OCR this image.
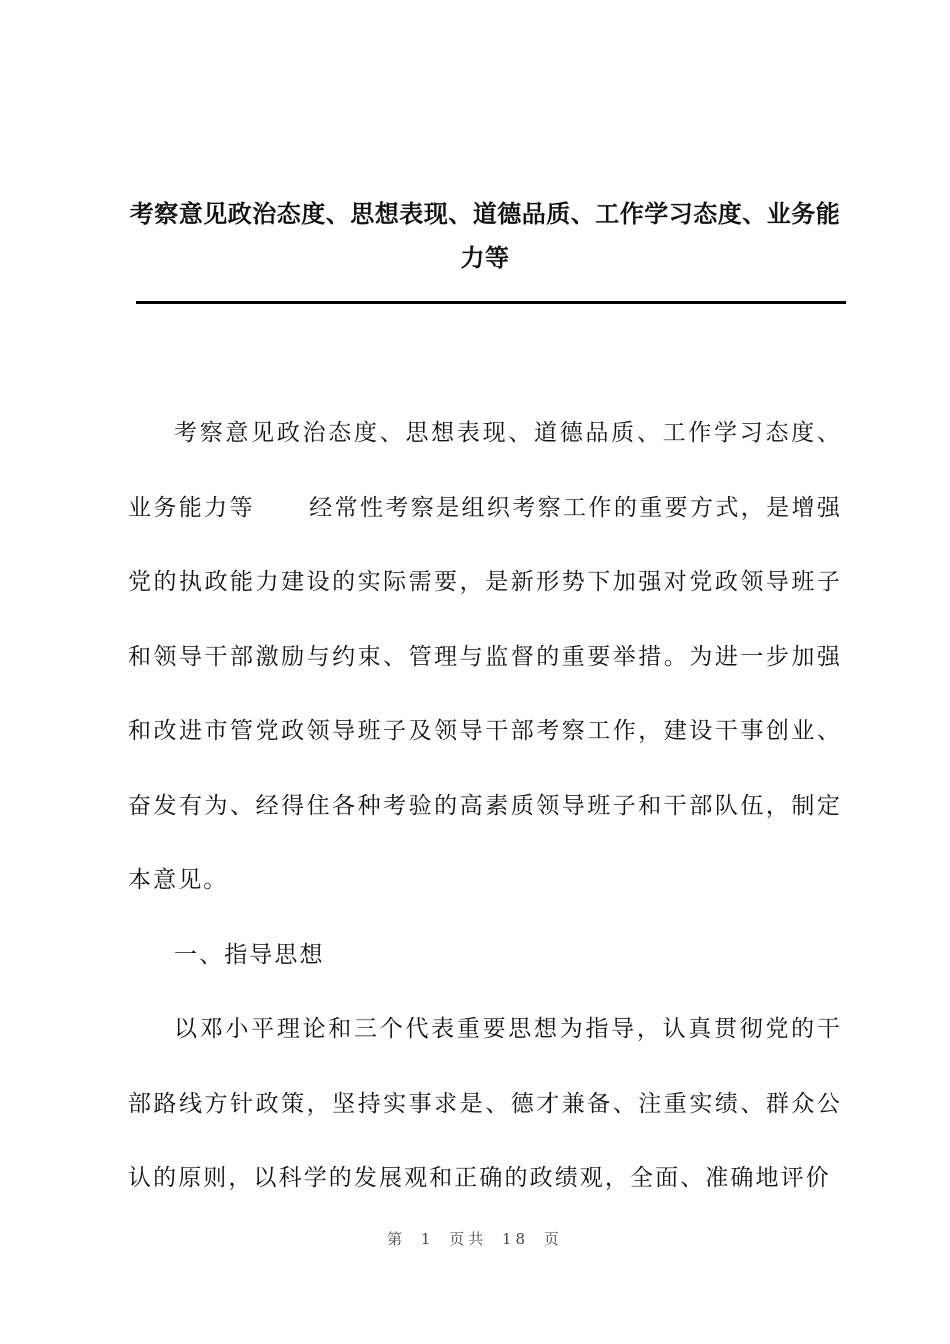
考察意见政治态度、思想表现、道德品质、工作学习态度、业务能力等

考察意见政治态度、思想表现、道德品质、工作学习态度、业务能力等 经常性考察是组织考察工作的重要方式，是增强党的执政能力建设的实际需要，是新形势下加强对党政领导班子和领导干部激励与约束、管理与监督的重要举措。为进一步加强和改进市管党政领导班子及领导干部考察工作，建设干事创业、奋发有为、经得住各种考验的高素质领导班子和干部队伍，制定本意见。

一、指导思想

以邓小平理论和三个代表重要思想为指导，认真贯彻党的干部路线方针政策，坚持实事求是、德才兼备、注重实绩、群众公认的原则，以科学的发展观和正确的政绩观，全面、准确地评价

第 1 页共 18 页
